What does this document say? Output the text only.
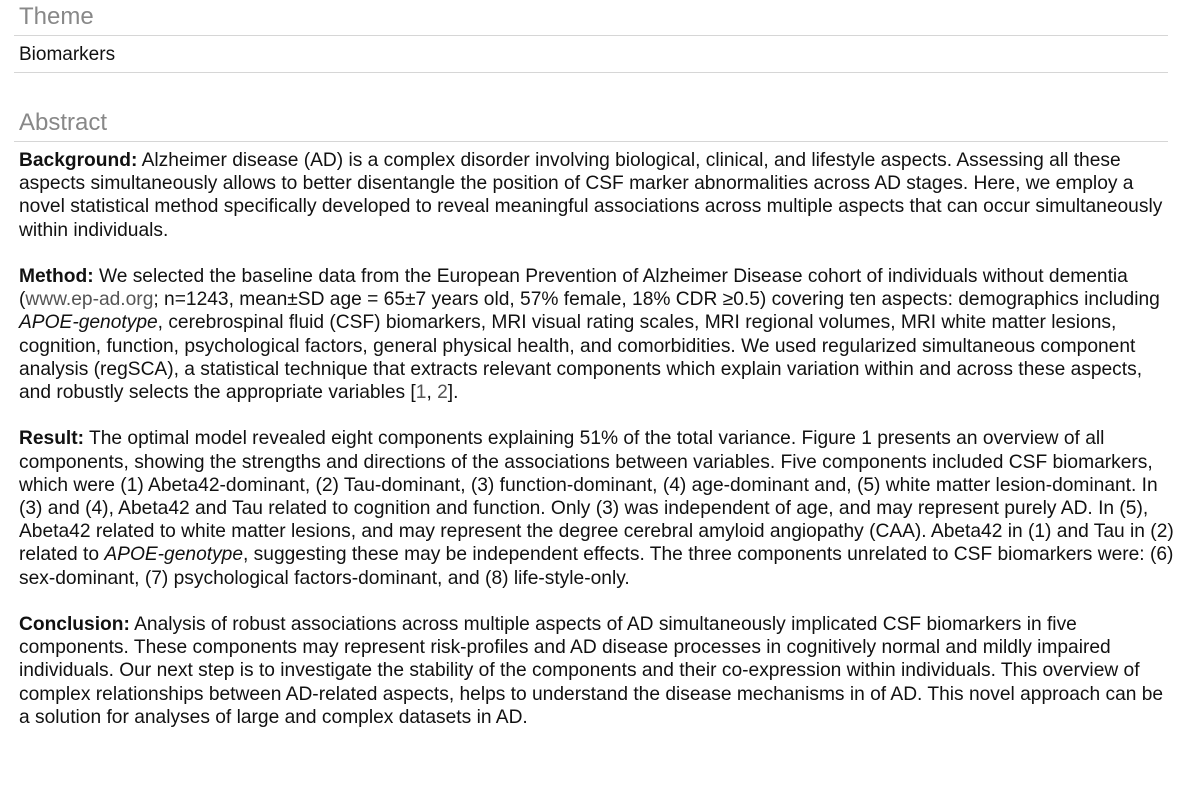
Theme
Biomarkers
Abstract

Background: Alzheimer disease (AD) is a complex disorder involving biological, clinical, and lifestyle aspects. Assessing all these aspects simultaneously allows to better disentangle the position of CSF marker abnormalities across AD stages. Here, we employ a novel statistical method specifically developed to reveal meaningful associations across multiple aspects that can occur simultaneously within individuals.

Method: We selected the baseline data from the European Prevention of Alzheimer Disease cohort of individuals without dementia (www.ep-ad.org; n=1243, mean±SD age = 65±7 years old, 57% female, 18% CDR ≥0.5) covering ten aspects: demographics including APOE-genotype, cerebrospinal fluid (CSF) biomarkers, MRI visual rating scales, MRI regional volumes, MRI white matter lesions, cognition, function, psychological factors, general physical health, and comorbidities. We used regularized simultaneous component analysis (regSCA), a statistical technique that extracts relevant components which explain variation within and across these aspects, and robustly selects the appropriate variables [1, 2].

Result: The optimal model revealed eight components explaining 51% of the total variance. Figure 1 presents an overview of all components, showing the strengths and directions of the associations between variables. Five components included CSF biomarkers, which were (1) Abeta42-dominant, (2) Tau-dominant, (3) function-dominant, (4) age-dominant and, (5) white matter lesion-dominant. In (3) and (4), Abeta42 and Tau related to cognition and function. Only (3) was independent of age, and may represent purely AD. In (5), Abeta42 related to white matter lesions, and may represent the degree cerebral amyloid angiopathy (CAA). Abeta42 in (1) and Tau in (2) related to APOE-genotype, suggesting these may be independent effects. The three components unrelated to CSF biomarkers were: (6) sex-dominant, (7) psychological factors-dominant, and (8) life-style-only.

Conclusion: Analysis of robust associations across multiple aspects of AD simultaneously implicated CSF biomarkers in five components. These components may represent risk-profiles and AD disease processes in cognitively normal and mildly impaired individuals. Our next step is to investigate the stability of the components and their co-expression within individuals. This overview of complex relationships between AD-related aspects, helps to understand the disease mechanisms in of AD. This novel approach can be a solution for analyses of large and complex datasets in AD.
